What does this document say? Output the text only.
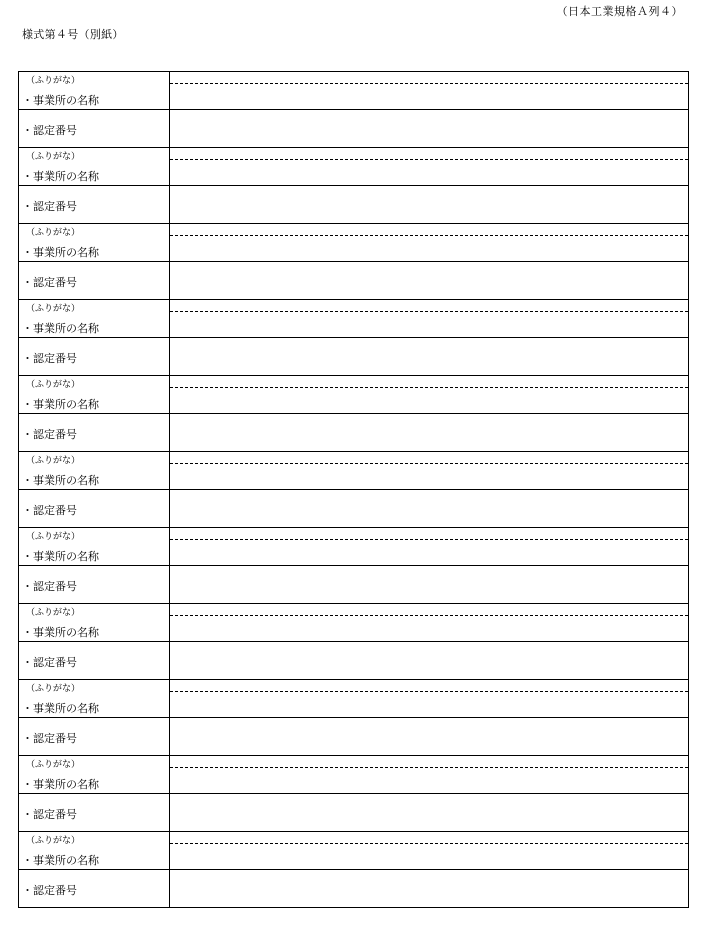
（日本工業規格Ａ列４）
様式第４号（別紙）
（ふりがな）
・事業所の名称	

・認定番号	

（ふりがな）
・事業所の名称	

・認定番号	

（ふりがな）
・事業所の名称	

・認定番号	

（ふりがな）
・事業所の名称	

・認定番号	

（ふりがな）
・事業所の名称	

・認定番号	

（ふりがな）
・事業所の名称	

・認定番号	

（ふりがな）
・事業所の名称	

・認定番号	

（ふりがな）
・事業所の名称	

・認定番号	

（ふりがな）
・事業所の名称	

・認定番号	

（ふりがな）
・事業所の名称	

・認定番号	

（ふりがな）
・事業所の名称	

・認定番号	
